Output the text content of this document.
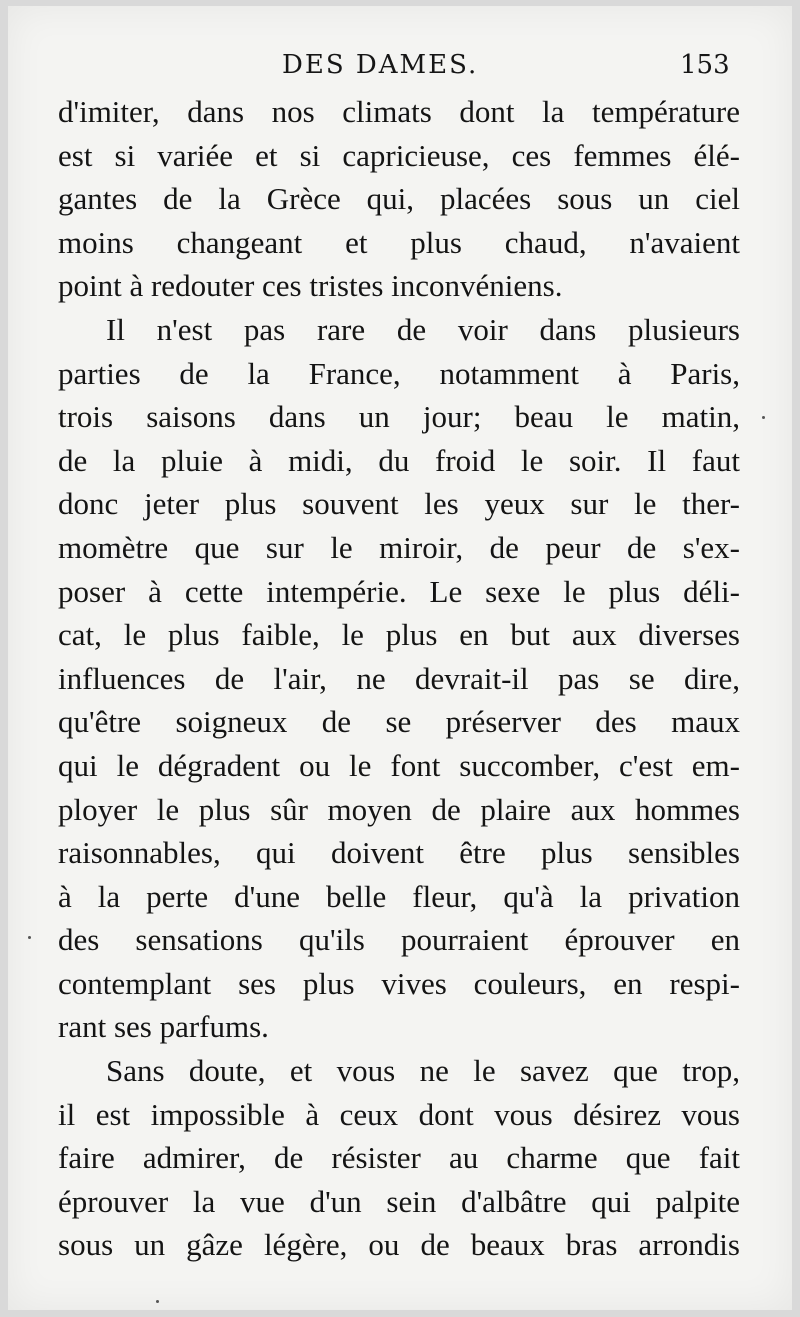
DES DAMES.	153
d'imiter, dans nos climats dont la température
est si variée et si capricieuse, ces femmes élé-
gantes de la Grèce qui, placées sous un ciel
moins changeant et plus chaud, n'avaient
point à redouter ces tristes inconvéniens.
Il n'est pas rare de voir dans plusieurs
parties de la France, notamment à Paris,
trois saisons dans un jour; beau le matin,
de la pluie à midi, du froid le soir. Il faut
donc jeter plus souvent les yeux sur le ther-
momètre que sur le miroir, de peur de s'ex-
poser à cette intempérie. Le sexe le plus déli-
cat, le plus faible, le plus en but aux diverses
influences de l'air, ne devrait-il pas se dire,
qu'être soigneux de se préserver des maux
qui le dégradent ou le font succomber, c'est em-
ployer le plus sûr moyen de plaire aux hommes
raisonnables, qui doivent être plus sensibles
à la perte d'une belle fleur, qu'à la privation
des sensations qu'ils pourraient éprouver en
contemplant ses plus vives couleurs, en respi-
rant ses parfums.
Sans doute, et vous ne le savez que trop,
il est impossible à ceux dont vous désirez vous
faire admirer, de résister au charme que fait
éprouver la vue d'un sein d'albâtre qui palpite
sous un gâze légère, ou de beaux bras arrondis
